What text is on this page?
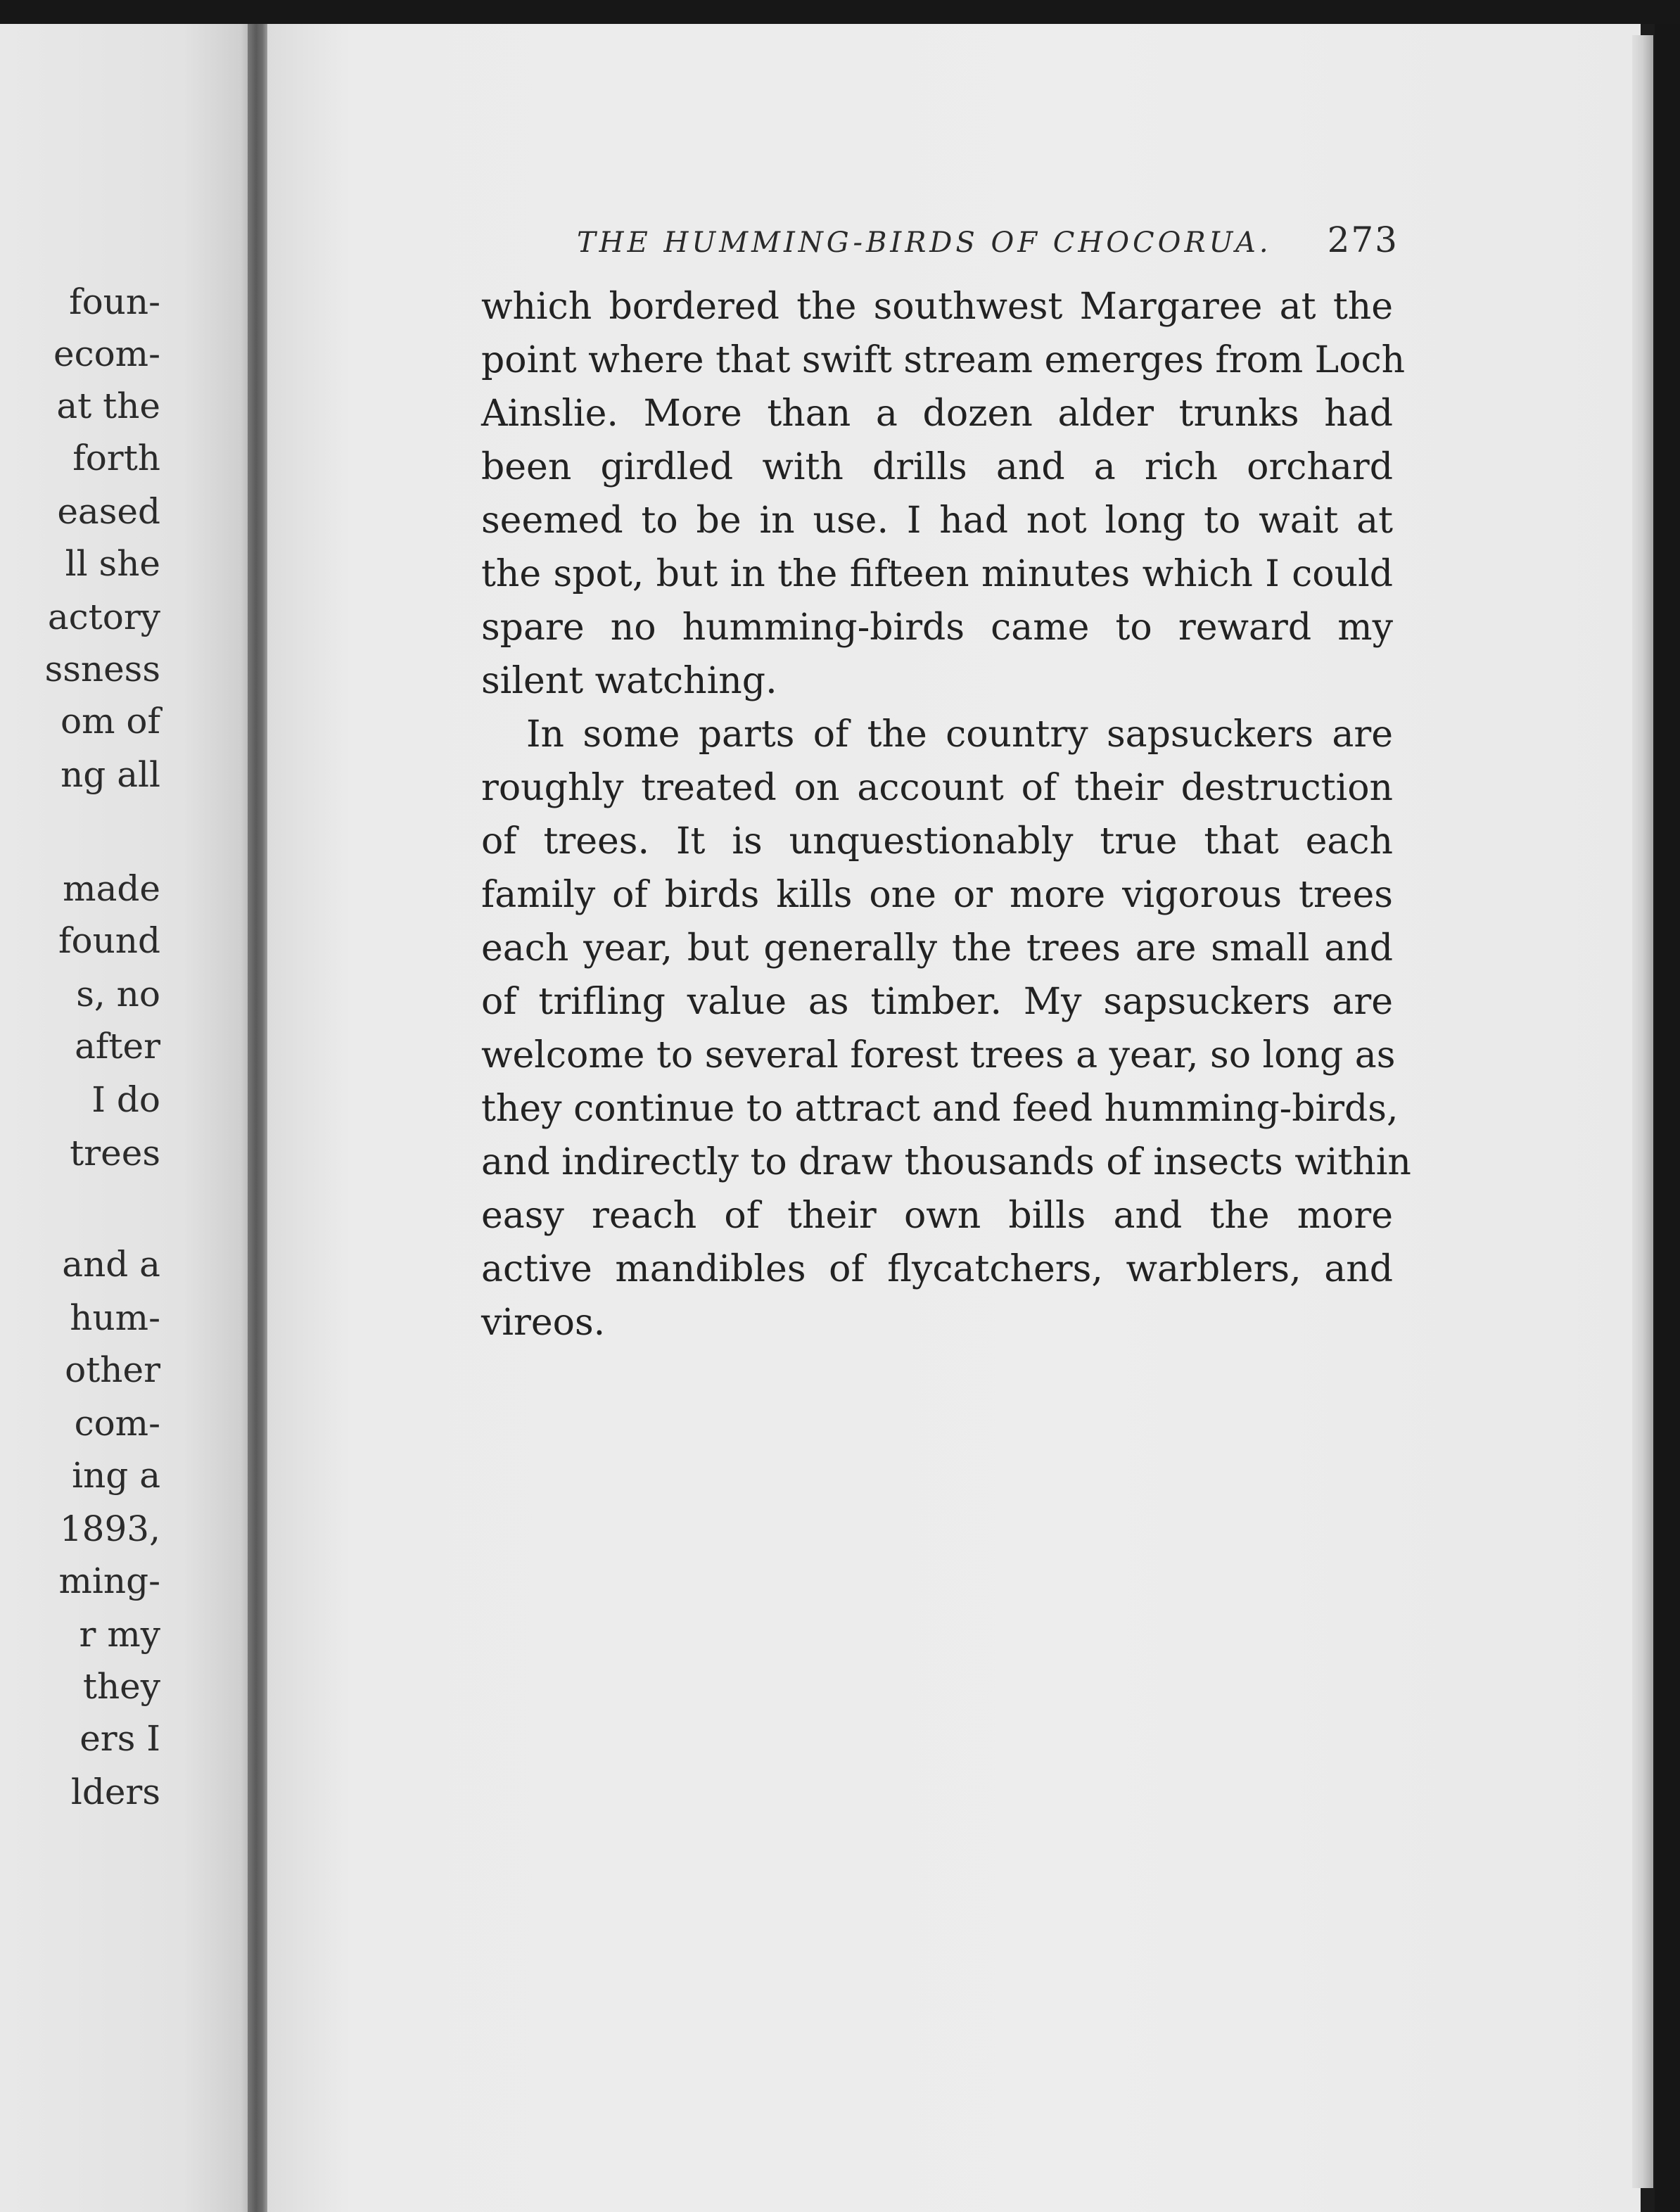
foun-
ecom-
at the
forth
eased
ll she
actory
ssness
om of
ng all
made
found
s, no
after
I do
trees
and a
hum-
other
com-
ing a
1893,
ming-
r my
they
ers I
lders
THE HUMMING-BIRDS OF CHOCORUA. 273
which bordered the southwest Margaree at the
point where that swift stream emerges from Loch
Ainslie. More than a dozen alder trunks had
been girdled with drills and a rich orchard
seemed to be in use. I had not long to wait at
the spot, but in the fifteen minutes which I could
spare no humming-birds came to reward my
silent watching.
In some parts of the country sapsuckers are
roughly treated on account of their destruction
of trees. It is unquestionably true that each
family of birds kills one or more vigorous trees
each year, but generally the trees are small and
of trifling value as timber. My sapsuckers are
welcome to several forest trees a year, so long as
they continue to attract and feed humming-birds,
and indirectly to draw thousands of insects within
easy reach of their own bills and the more
active mandibles of flycatchers, warblers, and
vireos.
